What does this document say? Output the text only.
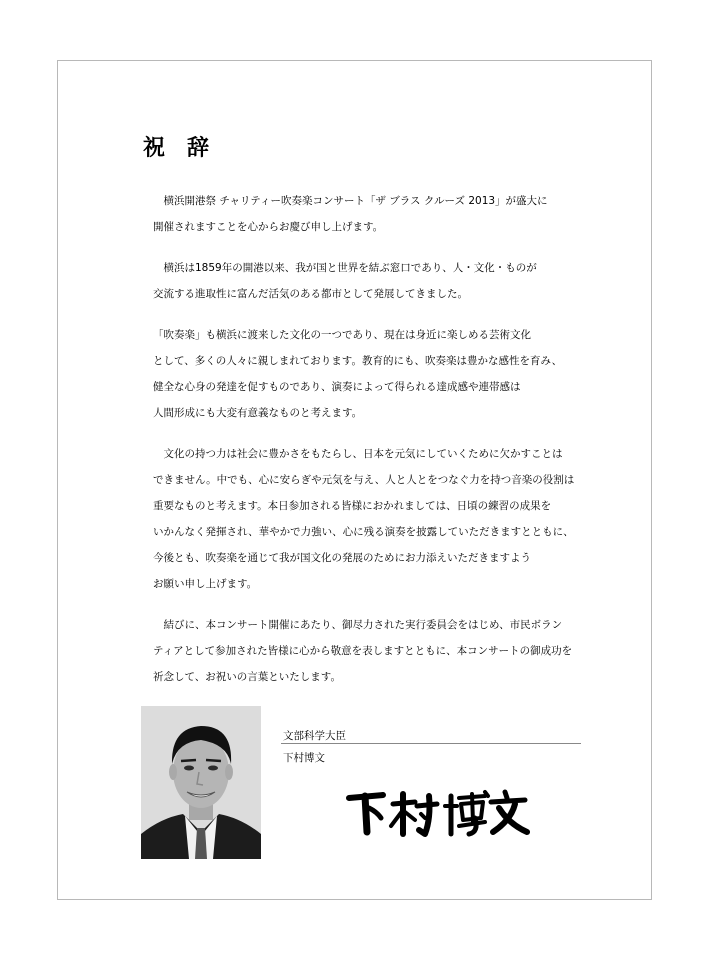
祝　辞

　横浜開港祭 チャリティー吹奏楽コンサート「ザ ブラス クルーズ 2013」が盛大に
開催されますことを心からお慶び申し上げます。

　横浜は1859年の開港以来、我が国と世界を結ぶ窓口であり、人・文化・ものが
交流する進取性に富んだ活気のある都市として発展してきました。

「吹奏楽」も横浜に渡来した文化の一つであり、現在は身近に楽しめる芸術文化
として、多くの人々に親しまれております。教育的にも、吹奏楽は豊かな感性を育み、
健全な心身の発達を促すものであり、演奏によって得られる達成感や連帯感は
人間形成にも大変有意義なものと考えます。

　文化の持つ力は社会に豊かさをもたらし、日本を元気にしていくために欠かすことは
できません。中でも、心に安らぎや元気を与え、人と人とをつなぐ力を持つ音楽の役割は
重要なものと考えます。本日参加される皆様におかれましては、日頃の練習の成果を
いかんなく発揮され、華やかで力強い、心に残る演奏を披露していただきますとともに、
今後とも、吹奏楽を通じて我が国文化の発展のためにお力添えいただきますよう
お願い申し上げます。

　結びに、本コンサート開催にあたり、御尽力された実行委員会をはじめ、市民ボラン
ティアとして参加された皆様に心から敬意を表しますとともに、本コンサートの御成功を
祈念して、お祝いの言葉といたします。

文部科学大臣
下村博文
